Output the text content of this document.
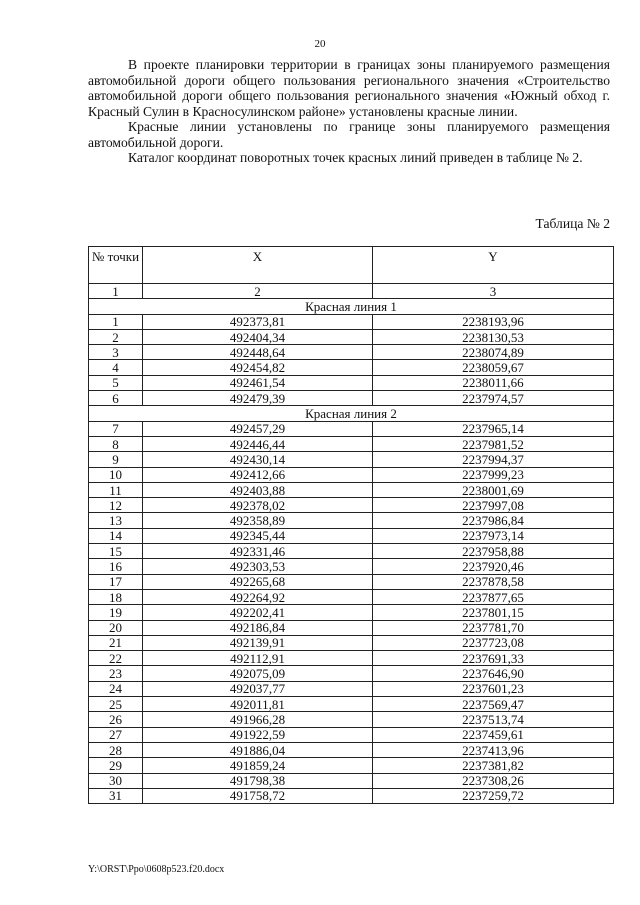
20

В проекте планировки территории в границах зоны планируемого размещения автомобильной дороги общего пользования регионального значения «Строительство автомобильной дороги общего пользования регионального значения «Южный обход г. Красный Сулин в Красносулинском районе» установлены красные линии.

Красные линии установлены по границе зоны планируемого размещения автомобильной дороги.

Каталог координат поворотных точек красных линий приведен в таблице № 2.

Таблица № 2
№ точки	X	Y
1	2	3
Красная линия 1		
1	492373,81	2238193,96
2	492404,34	2238130,53
3	492448,64	2238074,89
4	492454,82	2238059,67
5	492461,54	2238011,66
6	492479,39	2237974,57
Красная линия 2		
7	492457,29	2237965,14
8	492446,44	2237981,52
9	492430,14	2237994,37
10	492412,66	2237999,23
11	492403,88	2238001,69
12	492378,02	2237997,08
13	492358,89	2237986,84
14	492345,44	2237973,14
15	492331,46	2237958,88
16	492303,53	2237920,46
17	492265,68	2237878,58
18	492264,92	2237877,65
19	492202,41	2237801,15
20	492186,84	2237781,70
21	492139,91	2237723,08
22	492112,91	2237691,33
23	492075,09	2237646,90
24	492037,77	2237601,23
25	492011,81	2237569,47
26	491966,28	2237513,74
27	491922,59	2237459,61
28	491886,04	2237413,96
29	491859,24	2237381,82
30	491798,38	2237308,26
31	491758,72	2237259,72
Y:\ORST\Ppo\0608p523.f20.docx
